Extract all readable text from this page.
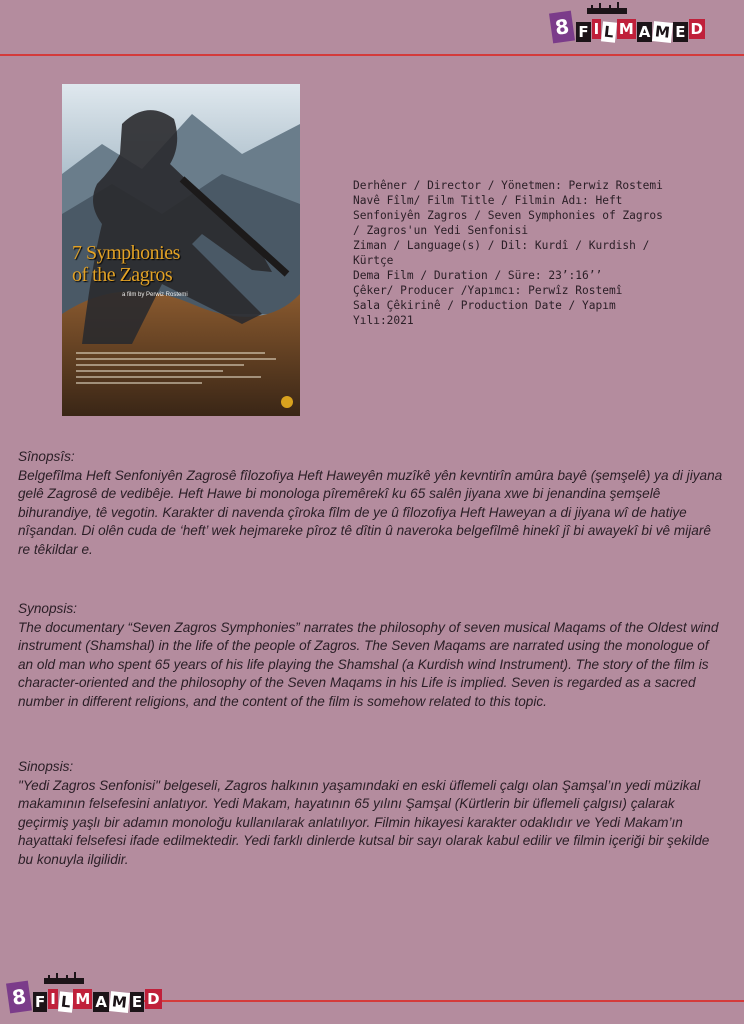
8 F I L M A M E D
7 Symphonies
of the Zagros
a film by Perwiz Rostemi
Derhêner / Director / Yönetmen: Perwiz Rostemi
Navê Fîlm/ Film Title / Filmin Adı: Heft Senfoniyên Zagros / Seven Symphonies of Zagros / Zagros'un Yedi Senfonisi
Ziman / Language(s) / Dil: Kurdî / Kurdish / Kürtçe
Dema Film / Duration / Süre: 23’:16’’
Çêker/ Producer /Yapımcı: Perwîz Rostemî
Sala Çêkirinê / Production Date / Yapım Yılı:2021

Sînopsîs:

Belgefîlma Heft Senfoniyên Zagrosê fîlozofiya Heft Haweyên muzîkê yên kevntirîn amûra bayê (şemşelê) ya di jiyana gelê Zagrosê de vedibêje. Heft Hawe bi monologa pîremêrekî ku 65 salên jiyana xwe bi jenandina şemşelê bihurandiye, tê vegotin. Karakter di navenda çîroka fîlm de ye û fîlozofiya Heft Haweyan a di jiyana wî de hatiye nîşandan. Di olên cuda de ‘heft’ wek hejmareke pîroz tê dîtin û naveroka belgefîlmê hinekî jî bi awayekî bi vê mijarê re têkildar e.

Synopsis:

The documentary “Seven Zagros Symphonies” narrates the philosophy of seven musical Maqams of the Oldest wind instrument (Shamshal) in the life of the people of Zagros. The Seven Maqams are narrated using the monologue of an old man who spent 65 years of his life playing the Shamshal (a Kurdish wind Instrument). The story of the film is character-oriented and the philosophy of the Seven Maqams in his Life is implied. Seven is regarded as a sacred number in different religions, and the content of the film is somehow related to this topic.

Sinopsis:

"Yedi Zagros Senfonisi" belgeseli, Zagros halkının yaşamındaki en eski üflemeli çalgı olan Şamşal’ın yedi müzikal makamının felsefesini anlatıyor. Yedi Makam, hayatının 65 yılını Şamşal (Kürtlerin bir üflemeli çalgısı) çalarak geçirmiş yaşlı bir adamın monoloğu kullanılarak anlatılıyor. Filmin hikayesi karakter odaklıdır ve Yedi Makam’ın hayattaki felsefesi ifade edilmektedir. Yedi farklı dinlerde kutsal bir sayı olarak kabul edilir ve filmin içeriği bir şekilde bu konuyla ilgilidir.

8 F I L M A M E D
